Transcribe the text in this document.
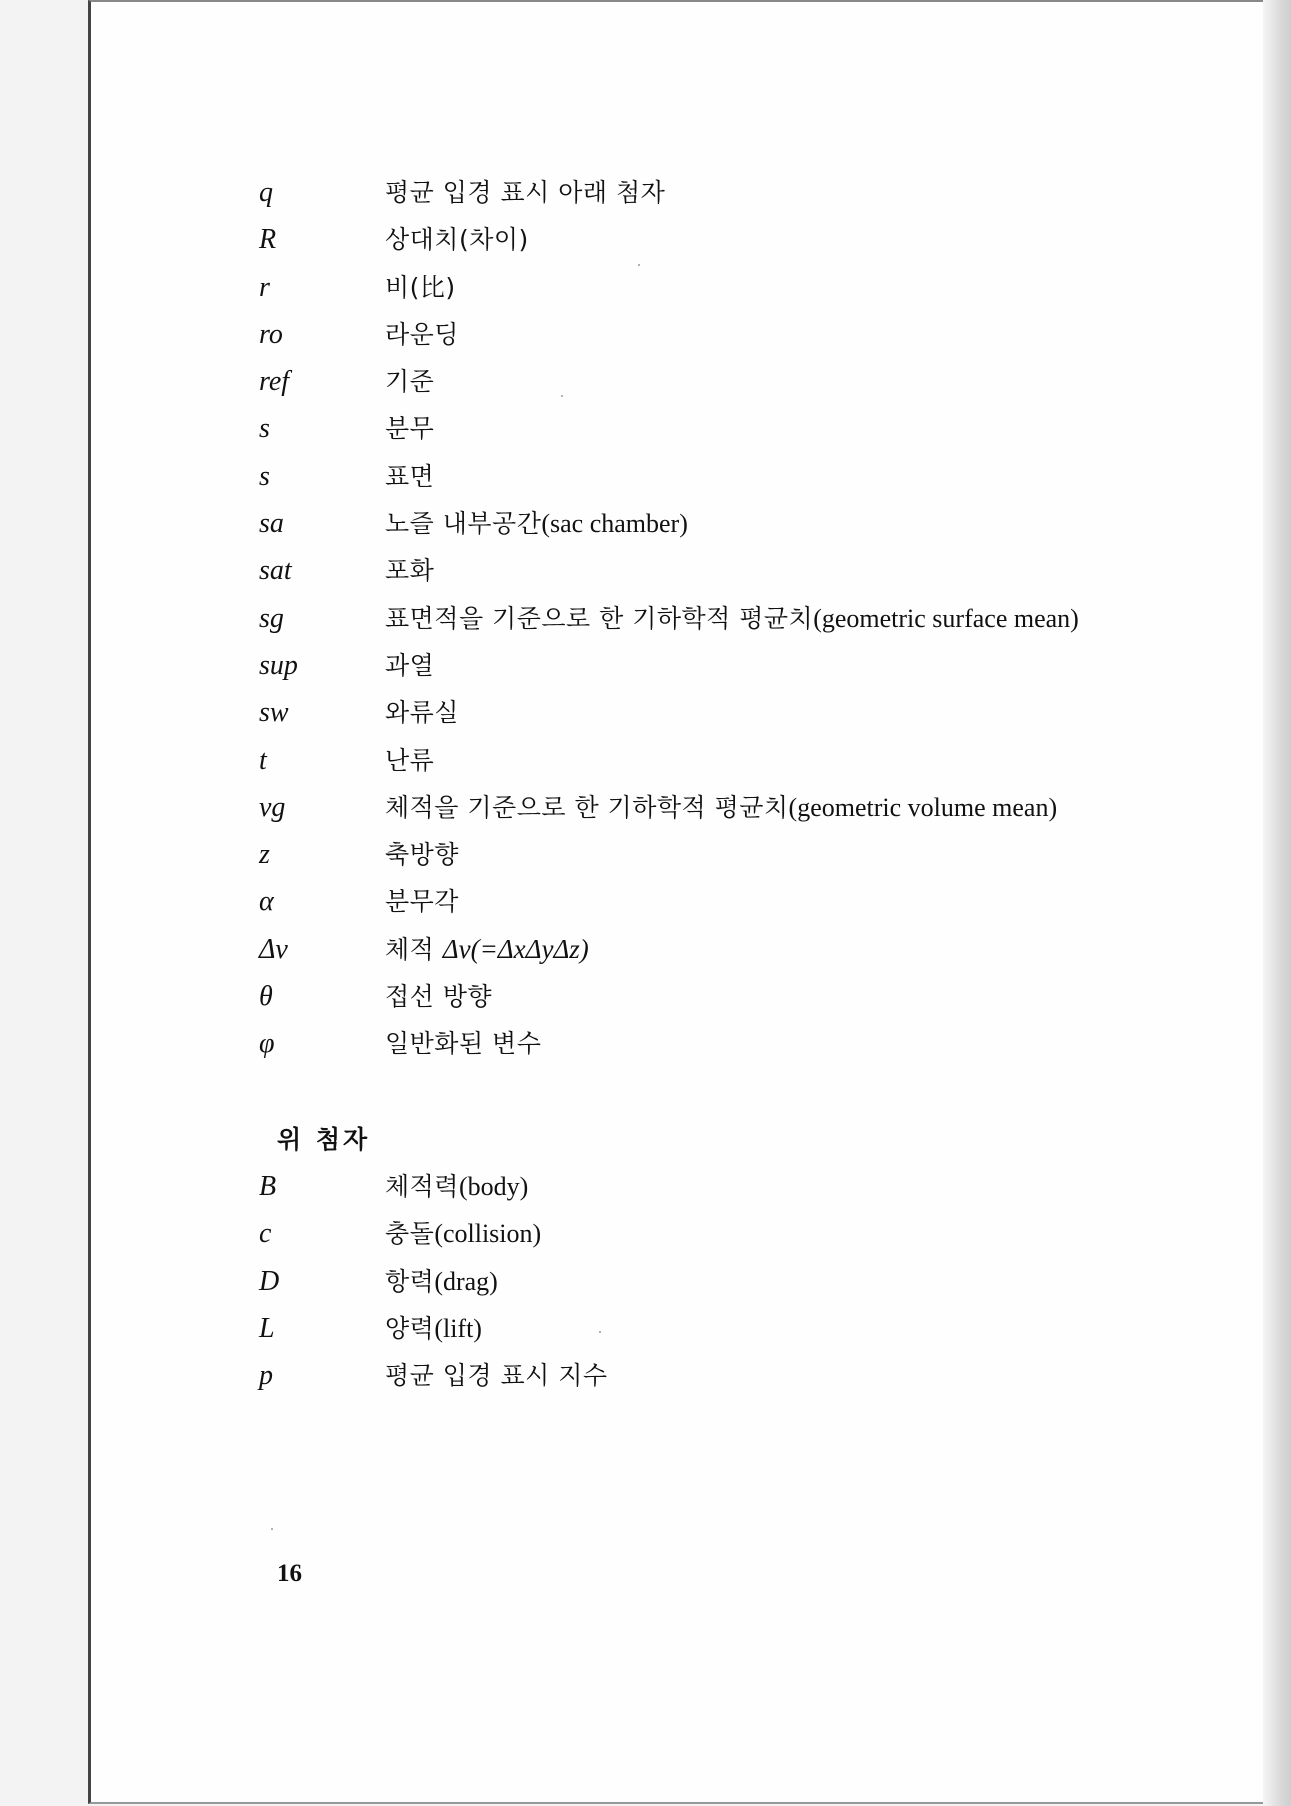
q	평균 입경 표시 아래 첨자
R	상대치(차이)
r	비(比)
ro	라운딩
ref	기준
s	분무
s	표면
sa	노즐 내부공간(sac chamber)
sat	포화
sg	표면적을 기준으로 한 기하학적 평균치(geometric surface mean)
sup	과열
sw	와류실
t	난류
vg	체적을 기준으로 한 기하학적 평균치(geometric volume mean)
z	축방향
α	분무각
Δv	체적 Δv(=ΔxΔyΔz)
θ	접선 방향
φ	일반화된 변수
위 첨자
B	체적력(body)
c	충돌(collision)
D	항력(drag)
L	양력(lift)
p	평균 입경 표시 지수
16
